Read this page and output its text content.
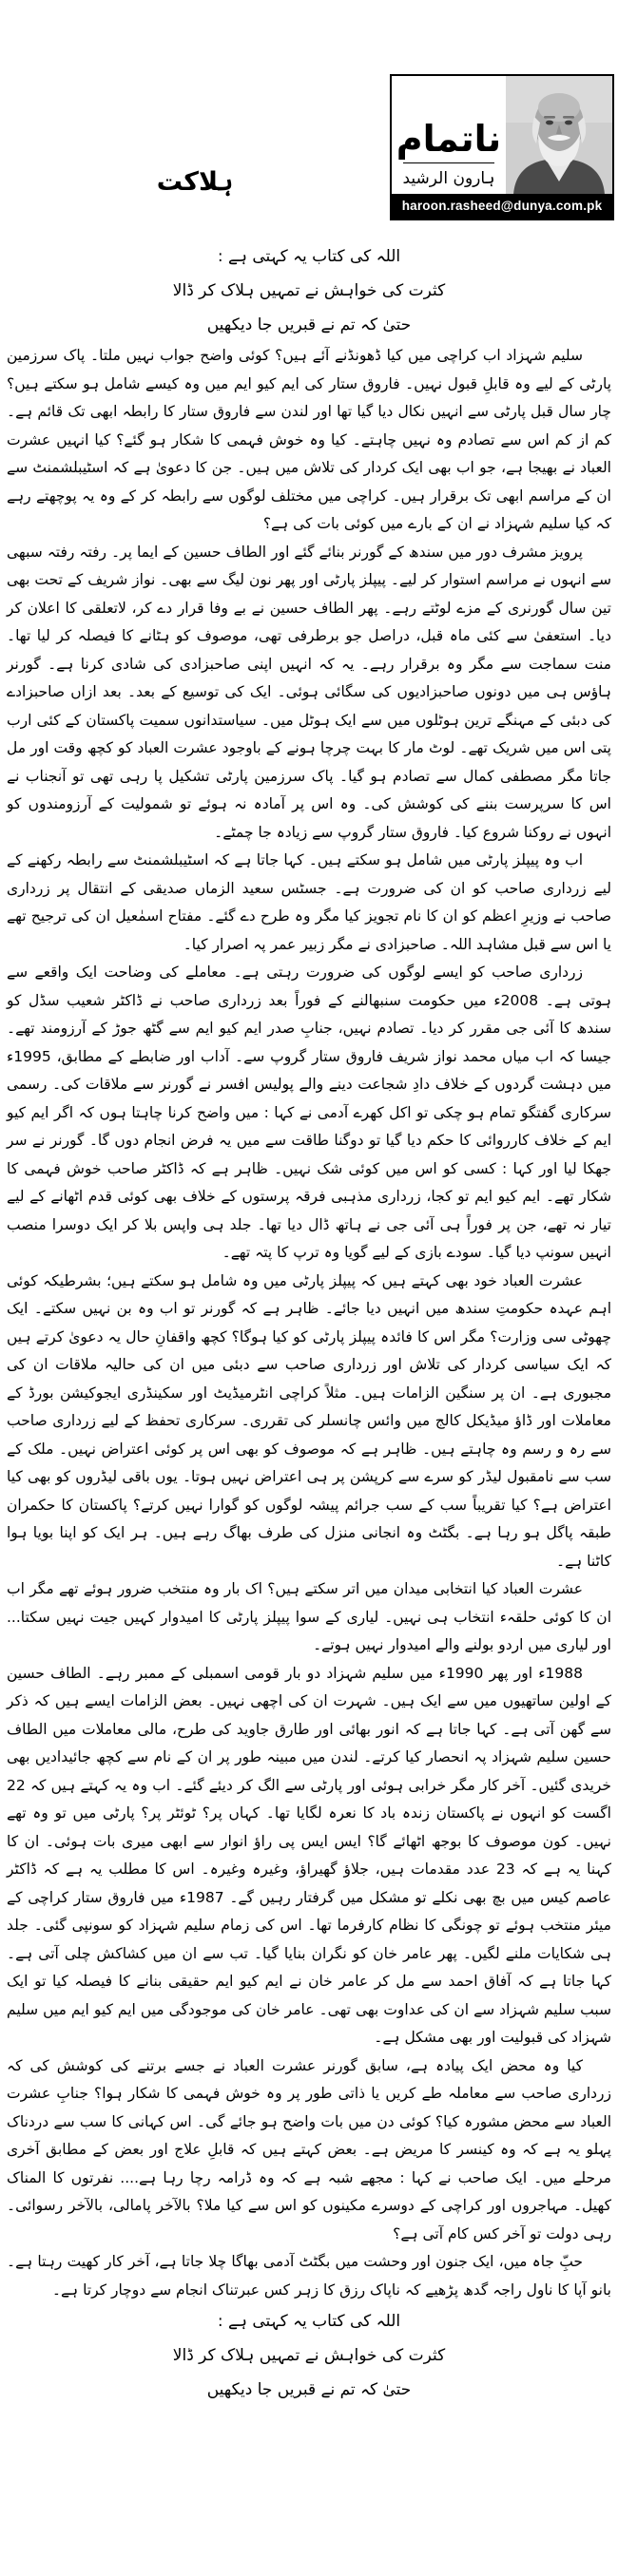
ہلاکت
ناتمام
ہارون الرشید
haroon.rasheed@dunya.com.pk
اللہ کی کتاب یہ کہتی ہے :
کثرت کی خواہش نے تمہیں ہلاک کر ڈالا
حتیٰ کہ تم نے قبریں جا دیکھیں

سلیم شہزاد اب کراچی میں کیا ڈھونڈنے آئے ہیں؟ کوئی واضح جواب نہیں ملتا۔ پاک سرزمین پارٹی کے لیے وہ قابلِ قبول نہیں۔ فاروق ستار کی ایم کیو ایم میں وہ کیسے شامل ہو سکتے ہیں؟ چار سال قبل پارٹی سے انہیں نکال دیا گیا تھا اور لندن سے فاروق ستار کا رابطہ ابھی تک قائم ہے۔ کم از کم اس سے تصادم وہ نہیں چاہتے۔ کیا وہ خوش فہمی کا شکار ہو گئے؟ کیا انہیں عشرت العباد نے بھیجا ہے، جو اب بھی ایک کردار کی تلاش میں ہیں۔ جن کا دعویٰ ہے کہ اسٹیبلشمنٹ سے ان کے مراسم ابھی تک برقرار ہیں۔ کراچی میں مختلف لوگوں سے رابطہ کر کے وہ یہ پوچھتے رہے کہ کیا سلیم شہزاد نے ان کے بارے میں کوئی بات کی ہے؟

پرویز مشرف دور میں سندھ کے گورنر بنائے گئے اور الطاف حسین کے ایما پر۔ رفتہ رفتہ سبھی سے انہوں نے مراسم استوار کر لیے۔ پیپلز پارٹی اور پھر نون لیگ سے بھی۔ نواز شریف کے تحت بھی تین سال گورنری کے مزے لوٹتے رہے۔ پھر الطاف حسین نے بے وفا قرار دے کر، لاتعلقی کا اعلان کر دیا۔ استعفیٰ سے کئی ماہ قبل، دراصل جو برطرفی تھی، موصوف کو ہٹانے کا فیصلہ کر لیا تھا۔ منت سماجت سے مگر وہ برقرار رہے۔ یہ کہ انہیں اپنی صاحبزادی کی شادی کرنا ہے۔ گورنر ہاؤس ہی میں دونوں صاحبزادیوں کی سگائی ہوئی۔ ایک کی توسیع کے بعد۔ بعد ازاں صاحبزادے کی دبئی کے مہنگے ترین ہوٹلوں میں سے ایک ہوٹل میں۔ سیاستدانوں سمیت پاکستان کے کئی ارب پتی اس میں شریک تھے۔ لوٹ مار کا بہت چرچا ہونے کے باوجود عشرت العباد کو کچھ وقت اور مل جاتا مگر مصطفی کمال سے تصادم ہو گیا۔ پاک سرزمین پارٹی تشکیل پا رہی تھی تو آنجناب نے اس کا سرپرست بننے کی کوشش کی۔ وہ اس پر آمادہ نہ ہوئے تو شمولیت کے آرزومندوں کو انہوں نے روکنا شروع کیا۔ فاروق ستار گروپ سے زیادہ جا چمٹے۔

اب وہ پیپلز پارٹی میں شامل ہو سکتے ہیں۔ کہا جاتا ہے کہ اسٹیبلشمنٹ سے رابطہ رکھنے کے لیے زرداری صاحب کو ان کی ضرورت ہے۔ جسٹس سعید الزماں صدیقی کے انتقال پر زرداری صاحب نے وزیرِ اعظم کو ان کا نام تجویز کیا مگر وہ طرح دے گئے۔ مفتاح اسمٰعیل ان کی ترجیح تھے یا اس سے قبل مشاہد اللہ۔ صاحبزادی نے مگر زبیر عمر پہ اصرار کیا۔

زرداری صاحب کو ایسے لوگوں کی ضرورت رہتی ہے۔ معاملے کی وضاحت ایک واقعے سے ہوتی ہے۔ 2008ء میں حکومت سنبھالنے کے فوراً بعد زرداری صاحب نے ڈاکٹر شعیب سڈل کو سندھ کا آئی جی مقرر کر دیا۔ تصادم نہیں، جنابِ صدر ایم کیو ایم سے گٹھ جوڑ کے آرزومند تھے۔ جیسا کہ اب میاں محمد نواز شریف فاروق ستار گروپ سے۔ آداب اور ضابطے کے مطابق، 1995ء میں دہشت گردوں کے خلاف دادِ شجاعت دینے والے پولیس افسر نے گورنر سے ملاقات کی۔ رسمی سرکاری گفتگو تمام ہو چکی تو اکل کھرے آدمی نے کہا : میں واضح کرنا چاہتا ہوں کہ اگر ایم کیو ایم کے خلاف کارروائی کا حکم دیا گیا تو دوگنا طاقت سے میں یہ فرض انجام دوں گا۔ گورنر نے سر جھکا لیا اور کہا : کسی کو اس میں کوئی شک نہیں۔ ظاہر ہے کہ ڈاکٹر صاحب خوش فہمی کا شکار تھے۔ ایم کیو ایم تو کجا، زرداری مذہبی فرقہ پرستوں کے خلاف بھی کوئی قدم اٹھانے کے لیے تیار نہ تھے، جن پر فوراً ہی آئی جی نے ہاتھ ڈال دیا تھا۔ جلد ہی واپس بلا کر ایک دوسرا منصب انہیں سونپ دیا گیا۔ سودے بازی کے لیے گویا وہ ترپ کا پتہ تھے۔

عشرت العباد خود بھی کہتے ہیں کہ پیپلز پارٹی میں وہ شامل ہو سکتے ہیں؛ بشرطیکہ کوئی اہم عہدہ حکومتِ سندھ میں انہیں دیا جائے۔ ظاہر ہے کہ گورنر تو اب وہ بن نہیں سکتے۔ ایک چھوٹی سی وزارت؟ مگر اس کا فائدہ پیپلز پارٹی کو کیا ہوگا؟ کچھ واقفانِ حال یہ دعویٰ کرتے ہیں کہ ایک سیاسی کردار کی تلاش اور زرداری صاحب سے دبئی میں ان کی حالیہ ملاقات ان کی مجبوری ہے۔ ان پر سنگین الزامات ہیں۔ مثلاً کراچی انٹرمیڈیٹ اور سکینڈری ایجوکیشن بورڈ کے معاملات اور ڈاؤ میڈیکل کالج میں وائس چانسلر کی تقرری۔ سرکاری تحفظ کے لیے زرداری صاحب سے رہ و رسم وہ چاہتے ہیں۔ ظاہر ہے کہ موصوف کو بھی اس پر کوئی اعتراض نہیں۔ ملک کے سب سے نامقبول لیڈر کو سرے سے کرپشن پر ہی اعتراض نہیں ہوتا۔ یوں باقی لیڈروں کو بھی کیا اعتراض ہے؟ کیا تقریباً سب کے سب جرائم پیشہ لوگوں کو گوارا نہیں کرتے؟ پاکستان کا حکمران طبقہ پاگل ہو رہا ہے۔ بگٹٹ وہ انجانی منزل کی طرف بھاگ رہے ہیں۔ ہر ایک کو اپنا بویا ہوا کاٹنا ہے۔

عشرت العباد کیا انتخابی میدان میں اتر سکتے ہیں؟ اک بار وہ منتخب ضرور ہوئے تھے مگر اب ان کا کوئی حلقہء انتخاب ہی نہیں۔ لیاری کے سوا پیپلز پارٹی کا امیدوار کہیں جیت نہیں سکتا... اور لیاری میں اردو بولنے والے امیدوار نہیں ہوتے۔

1988ء اور پھر 1990ء میں سلیم شہزاد دو بار قومی اسمبلی کے ممبر رہے۔ الطاف حسین کے اولین ساتھیوں میں سے ایک ہیں۔ شہرت ان کی اچھی نہیں۔ بعض الزامات ایسے ہیں کہ ذکر سے گھن آتی ہے۔ کہا جاتا ہے کہ انور بھائی اور طارق جاوید کی طرح، مالی معاملات میں الطاف حسین سلیم شہزاد پہ انحصار کیا کرتے۔ لندن میں مبینہ طور پر ان کے نام سے کچھ جائیدادیں بھی خریدی گئیں۔ آخر کار مگر خرابی ہوئی اور پارٹی سے الگ کر دیئے گئے۔ اب وہ یہ کہتے ہیں کہ 22 اگست کو انہوں نے پاکستان زندہ باد کا نعرہ لگایا تھا۔ کہاں پر؟ ٹوئٹر پر؟ پارٹی میں تو وہ تھے نہیں۔ کون موصوف کا بوجھ اٹھائے گا؟ ایس ایس پی راؤ انوار سے ابھی میری بات ہوئی۔ ان کا کہنا یہ ہے کہ 23 عدد مقدمات ہیں، جلاؤ گھیراؤ، وغیرہ وغیرہ۔ اس کا مطلب یہ ہے کہ ڈاکٹر عاصم کیس میں بچ بھی نکلے تو مشکل میں گرفتار رہیں گے۔ 1987ء میں فاروق ستار کراچی کے میئر منتخب ہوئے تو چونگی کا نظام کارفرما تھا۔ اس کی زمام سلیم شہزاد کو سونپی گئی۔ جلد ہی شکایات ملنے لگیں۔ پھر عامر خان کو نگران بنایا گیا۔ تب سے ان میں کشاکش چلی آتی ہے۔ کہا جاتا ہے کہ آفاق احمد سے مل کر عامر خان نے ایم کیو ایم حقیقی بنانے کا فیصلہ کیا تو ایک سبب سلیم شہزاد سے ان کی عداوت بھی تھی۔ عامر خان کی موجودگی میں ایم کیو ایم میں سلیم شہزاد کی قبولیت اور بھی مشکل ہے۔

کیا وہ محض ایک پیادہ ہے، سابق گورنر عشرت العباد نے جسے برتنے کی کوشش کی کہ زرداری صاحب سے معاملہ طے کریں یا ذاتی طور پر وہ خوش فہمی کا شکار ہوا؟ جنابِ عشرت العباد سے محض مشورہ کیا؟ کوئی دن میں بات واضح ہو جائے گی۔ اس کہانی کا سب سے دردناک پہلو یہ ہے کہ وہ کینسر کا مریض ہے۔ بعض کہتے ہیں کہ قابلِ علاج اور بعض کے مطابق آخری مرحلے میں۔ ایک صاحب نے کہا : مجھے شبہ ہے کہ وہ ڈرامہ رچا رہا ہے.... نفرتوں کا المناک کھیل۔ مہاجروں اور کراچی کے دوسرے مکینوں کو اس سے کیا ملا؟ بالآخر پامالی، بالآخر رسوائی۔ رہی دولت تو آخر کس کام آتی ہے؟

حبِّ جاہ میں، ایک جنون اور وحشت میں بگٹٹ آدمی بھاگا چلا جاتا ہے، آخر کار کھیت رہتا ہے۔ بانو آپا کا ناول راجہ گدھ پڑھیے کہ ناپاک رزق کا زہر کس عبرتناک انجام سے دوچار کرتا ہے۔

اللہ کی کتاب یہ کہتی ہے :
کثرت کی خواہش نے تمہیں ہلاک کر ڈالا
حتیٰ کہ تم نے قبریں جا دیکھیں
